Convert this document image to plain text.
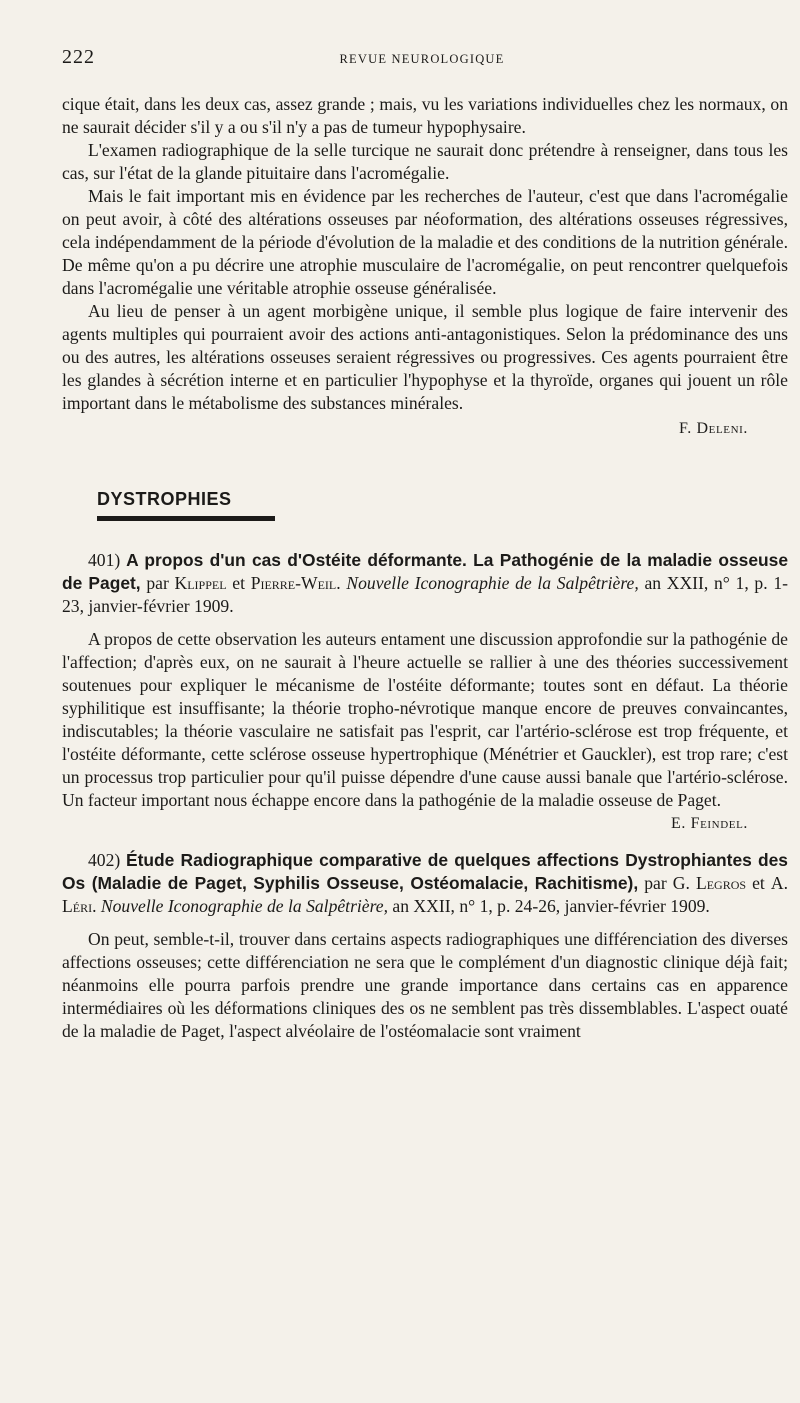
222	REVUE NEUROLOGIQUE

cique était, dans les deux cas, assez grande ; mais, vu les variations individuelles chez les normaux, on ne saurait décider s'il y a ou s'il n'y a pas de tumeur hypophysaire.

L'examen radiographique de la selle turcique ne saurait donc prétendre à renseigner, dans tous les cas, sur l'état de la glande pituitaire dans l'acromégalie.

Mais le fait important mis en évidence par les recherches de l'auteur, c'est que dans l'acromégalie on peut avoir, à côté des altérations osseuses par néoformation, des altérations osseuses régressives, cela indépendamment de la période d'évolution de la maladie et des conditions de la nutrition générale. De même qu'on a pu décrire une atrophie musculaire de l'acromégalie, on peut rencontrer quelquefois dans l'acromégalie une véritable atrophie osseuse généralisée.

Au lieu de penser à un agent morbigène unique, il semble plus logique de faire intervenir des agents multiples qui pourraient avoir des actions anti-antagonistiques. Selon la prédominance des uns ou des autres, les altérations osseuses seraient régressives ou progressives. Ces agents pourraient être les glandes à sécrétion interne et en particulier l'hypophyse et la thyroïde, organes qui jouent un rôle important dans le métabolisme des substances minérales.

F. Deleni.
DYSTROPHIES

401) A propos d'un cas d'Ostéite déformante. La Pathogénie de la maladie osseuse de Paget, par Klippel et Pierre-Weil. Nouvelle Iconographie de la Salpêtrière, an XXII, n° 1, p. 1-23, janvier-février 1909.

A propos de cette observation les auteurs entament une discussion approfondie sur la pathogénie de l'affection; d'après eux, on ne saurait à l'heure actuelle se rallier à une des théories successivement soutenues pour expliquer le mécanisme de l'ostéite déformante; toutes sont en défaut. La théorie syphilitique est insuffisante; la théorie tropho-névrotique manque encore de preuves convaincantes, indiscutables; la théorie vasculaire ne satisfait pas l'esprit, car l'artério-sclérose est trop fréquente, et l'ostéite déformante, cette sclérose osseuse hypertrophique (Ménétrier et Gauckler), est trop rare; c'est un processus trop particulier pour qu'il puisse dépendre d'une cause aussi banale que l'artério-sclérose. Un facteur important nous échappe encore dans la pathogénie de la maladie osseuse de Paget.

E. Feindel.

402) Étude Radiographique comparative de quelques affections Dystrophiantes des Os (Maladie de Paget, Syphilis Osseuse, Ostéomalacie, Rachitisme), par G. Legros et A. Léri. Nouvelle Iconographie de la Salpêtrière, an XXII, n° 1, p. 24-26, janvier-février 1909.

On peut, semble-t-il, trouver dans certains aspects radiographiques une différenciation des diverses affections osseuses; cette différenciation ne sera que le complément d'un diagnostic clinique déjà fait; néanmoins elle pourra parfois prendre une grande importance dans certains cas en apparence intermédiaires où les déformations cliniques des os ne semblent pas très dissemblables. L'aspect ouaté de la maladie de Paget, l'aspect alvéolaire de l'ostéomalacie sont vraiment
